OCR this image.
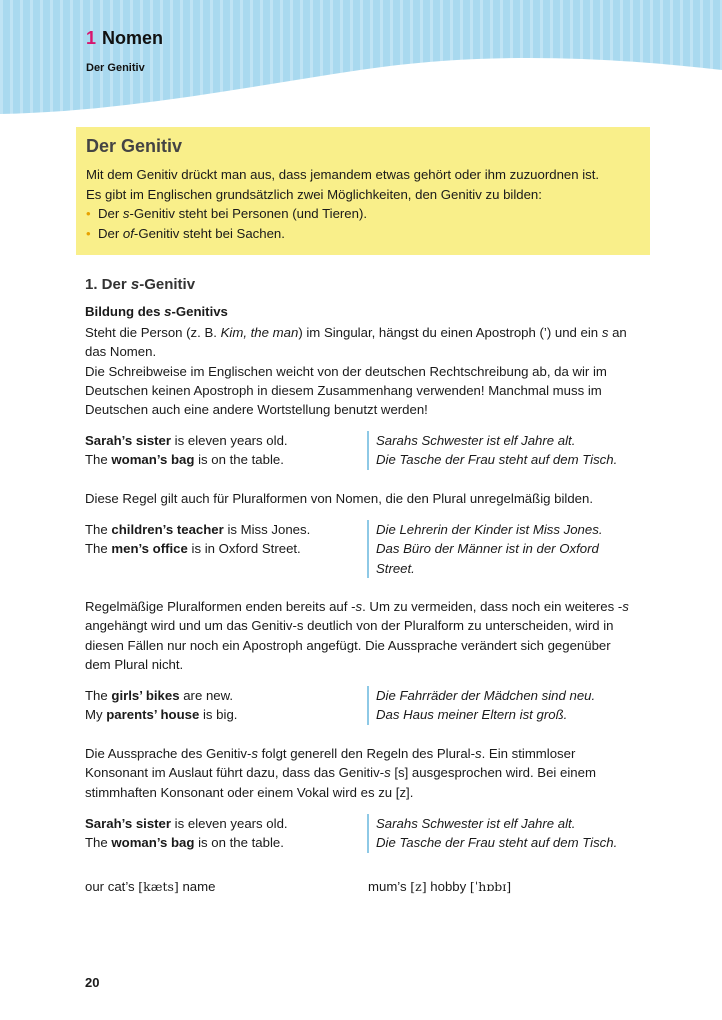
1 Nomen
Der Genitiv
Der Genitiv

Mit dem Genitiv drückt man aus, dass jemandem etwas gehört oder ihm zuzuordnen ist.

Es gibt im Englischen grundsätzlich zwei Möglichkeiten, den Genitiv zu bilden:

• Der s-Genitiv steht bei Personen (und Tieren).
• Der of-Genitiv steht bei Sachen.
1. Der s-Genitiv
Bildung des s-Genitivs
Steht die Person (z. B. Kim, the man) im Singular, hängst du einen Apostroph (’) und ein s an
das Nomen.
Die Schreibweise im Englischen weicht von der deutschen Rechtschreibung ab, da wir im
Deutschen keinen Apostroph in diesem Zusammenhang verwenden! Manchmal muss im
Deutschen auch eine andere Wortstellung benutzt werden!
Sarah’s sister is eleven years old.
The woman’s bag is on the table.
Sarahs Schwester ist elf Jahre alt.
Die Tasche der Frau steht auf dem Tisch.
Diese Regel gilt auch für Pluralformen von Nomen, die den Plural unregelmäßig bilden.
The children’s teacher is Miss Jones.
The men’s office is in Oxford Street.
Die Lehrerin der Kinder ist Miss Jones.
Das Büro der Männer ist in der Oxford
Street.
Regelmäßige Pluralformen enden bereits auf -s. Um zu vermeiden, dass noch ein weiteres -s
angehängt wird und um das Genitiv-s deutlich von der Pluralform zu unterscheiden, wird in
diesen Fällen nur noch ein Apostroph angefügt. Die Aussprache verändert sich gegenüber
dem Plural nicht.
The girls’ bikes are new.
My parents’ house is big.
Die Fahrräder der Mädchen sind neu.
Das Haus meiner Eltern ist groß.
Die Aussprache des Genitiv-s folgt generell den Regeln des Plural-s. Ein stimmloser
Konsonant im Auslaut führt dazu, dass das Genitiv-s [s] ausgesprochen wird. Bei einem
stimmhaften Konsonant oder einem Vokal wird es zu [z].
Sarah’s sister is eleven years old.
The woman’s bag is on the table.
Sarahs Schwester ist elf Jahre alt.
Die Tasche der Frau steht auf dem Tisch.
our cat’s [kæts] name	mum’s [z] hobby [ˈhɒbɪ]
20
